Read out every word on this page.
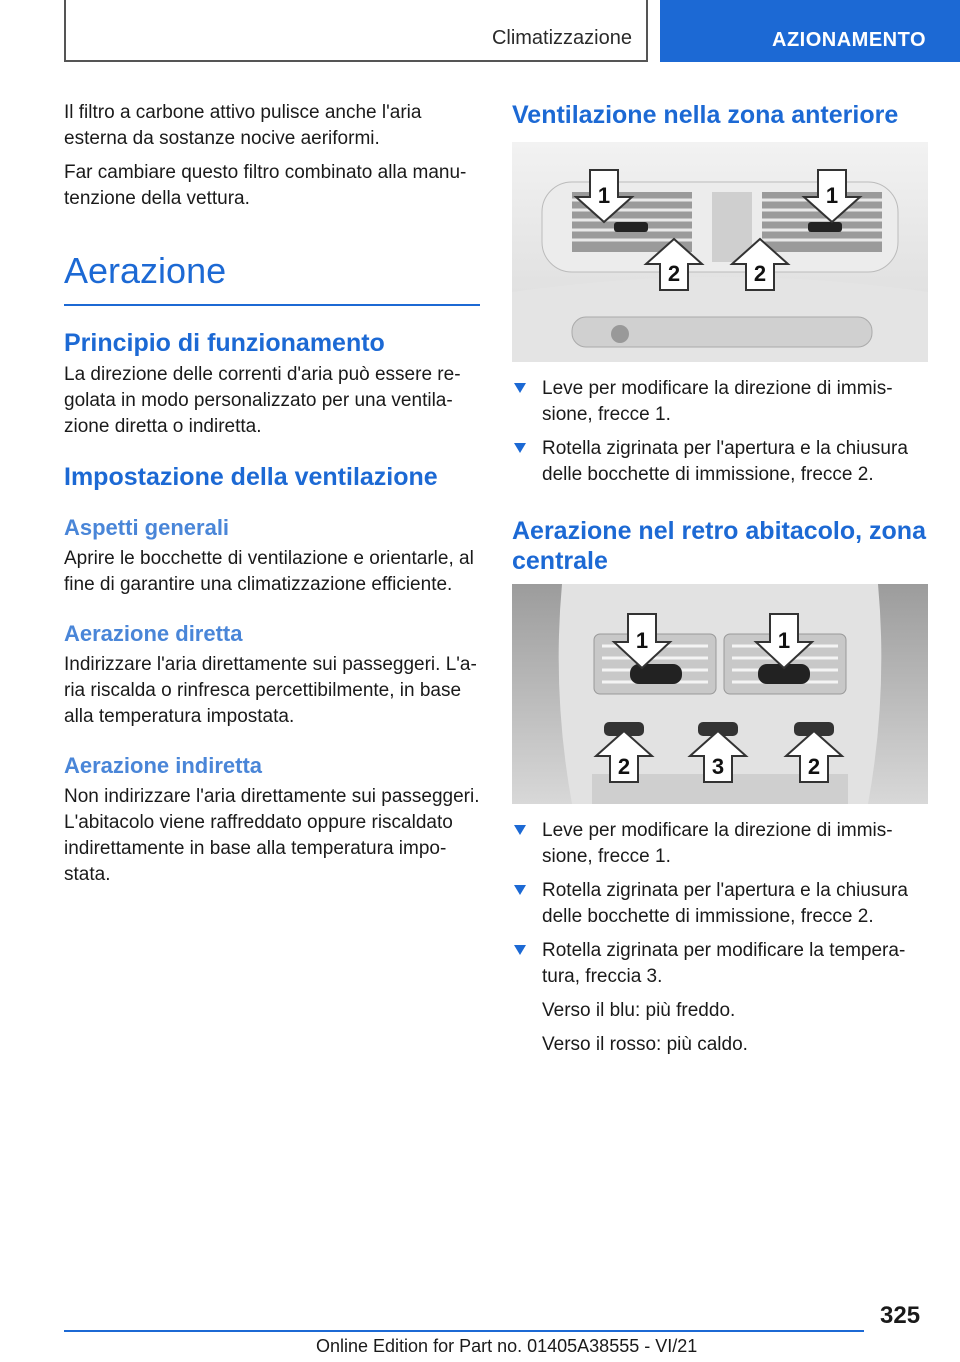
Climatizzazione	AZIONAMENTO

Il filtro a carbone attivo pulisce anche l'aria esterna da sostanze nocive aeriformi.

Far cambiare questo filtro combinato alla manutenzione della vettura.

Aerazione
Principio di funzionamento

La direzione delle correnti d'aria può essere regolata in modo personalizzato per una ventilazione diretta o indiretta.

Impostazione della ventilazione
Aspetti generali

Aprire le bocchette di ventilazione e orientarle, al fine di garantire una climatizzazione efficiente.

Aerazione diretta

Indirizzare l'aria direttamente sui passeggeri. L'aria riscalda o rinfresca percettibilmente, in base alla temperatura impostata.

Aerazione indiretta

Non indirizzare l'aria direttamente sui passeggeri. L'abitacolo viene raffreddato oppure riscaldato indirettamente in base alla temperatura impostata.

Ventilazione nella zona anteriore
1	1
2	2
Leve per modificare la direzione di immissione, frecce 1.
Rotella zigrinata per l'apertura e la chiusura delle bocchette di immissione, frecce 2.
Aerazione nel retro abitacolo, zona centrale
1	1
2	3	2
Leve per modificare la direzione di immissione, frecce 1.
Rotella zigrinata per l'apertura e la chiusura delle bocchette di immissione, frecce 2.
Rotella zigrinata per modificare la temperatura, freccia 3.

Verso il blu: più freddo.

Verso il rosso: più caldo.

325
Online Edition for Part no. 01405A38555 - VI/21
